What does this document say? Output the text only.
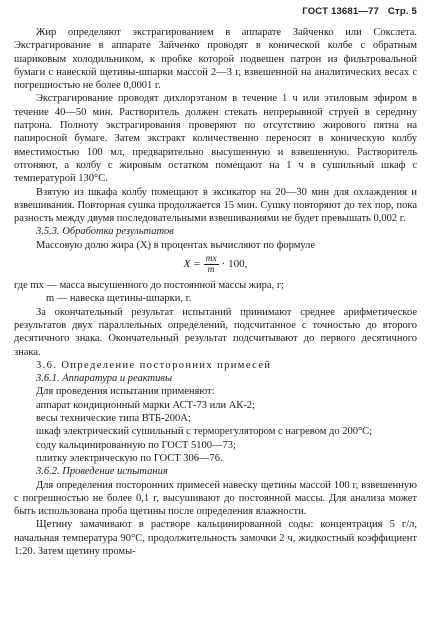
ГОСТ 13681—77 Стр. 5

Жир определяют экстрагированием в аппарате Зайченко или Сокслета. Экстрагирование в аппарате Зайченко проводят в конической колбе с обратным шариковым холодильником, к пробке которой подвешен патрон из фильтровальной бумаги с навеской щетины-шпарки массой 2—3 г, взвешенной на аналитических весах с погрешностью не более 0,0001 г.

Экстрагирование проводят дихлорэтаном в течение 1 ч или этиловым эфиром в течение 40—50 мин. Растворитель должен стекать непрерывной струей в середину патрона. Полноту экстрагирования проверяют по отсутствию жирового пятна на папиросной бумаге. Затем экстракт количественно переносят в коническую колбу вместимостью 100 мл, предварительно высушенную и взвешенную. Растворитель отгоняют, а колбу с жировым остатком помещают на 1 ч в сушильный шкаф с температурой 130°С.

Взятую из шкафа колбу помещают в эксикатор на 20—30 мин для охлаждения и взвешивания. Повторная сушка продолжается 15 мин. Сушку повторяют до тех пор, пока разность между двумя последовательными взвешиваниями не будет превышать 0,002 г.

3.5.3. Обработка результатов

Массовую долю жира (X) в процентах вычисляют по формуле

$X = \frac{mx}{m} \cdot 100$,

где mx — масса высушенного до постоянной массы жира, г;

m — навеска щетины-шпарки, г.

За окончательный результат испытаний принимают среднее арифметическое результатов двух параллельных определений, подсчитанное с точностью до второго десятичного знака. Окончательный результат подсчитывают до первого десятичного знака.

3.6. Определение посторонних примесей

3.6.1. Аппаратура и реактивы

Для проведения испытания применяют:

аппарат кондиционный марки АСТ-73 или АК-2;

весы технические типа ВТБ-200А;

шкаф электрический сушильный с терморегулятором с нагревом до 200°С;

соду кальцинированную по ГОСТ 5100—73;

плитку электрическую по ГОСТ 306—76.

3.6.2. Проведение испытания

Для определения посторонних примесей навеску щетины массой 100 г, взвешенную с погрешностью не более 0,1 г, высушивают до постоянной массы. Для анализа может быть использована проба щетины после определения влажности.

Щетину замачивают в растворе кальцинированной соды: концентрация 5 г/л, начальная температура 90°С, продолжительность замочки 2 ч, жидкостный коэффициент 1:20. Затем щетину промы-
